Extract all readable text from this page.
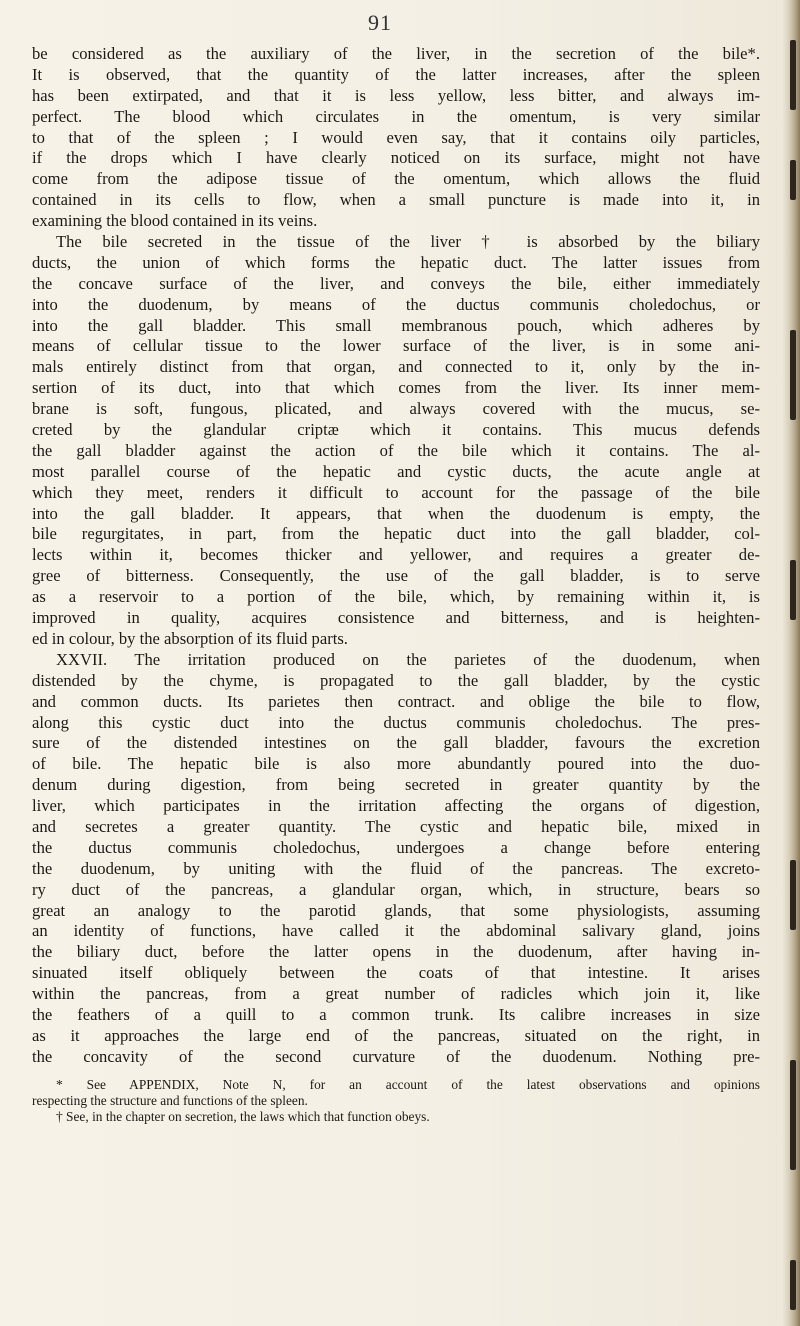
91
be considered as the auxiliary of the liver, in the secretion of the bile*.
It is observed, that the quantity of the latter increases, after the spleen
has been extirpated, and that it is less yellow, less bitter, and always im-
perfect. The blood which circulates in the omentum, is very similar
to that of the spleen ; I would even say, that it contains oily particles,
if the drops which I have clearly noticed on its surface, might not have
come from the adipose tissue of the omentum, which allows the fluid
contained in its cells to flow, when a small puncture is made into it, in
examining the blood contained in its veins.
The bile secreted in the tissue of the liver † is absorbed by the biliary
ducts, the union of which forms the hepatic duct. The latter issues from
the concave surface of the liver, and conveys the bile, either immediately
into the duodenum, by means of the ductus communis choledochus, or
into the gall bladder. This small membranous pouch, which adheres by
means of cellular tissue to the lower surface of the liver, is in some ani-
mals entirely distinct from that organ, and connected to it, only by the in-
sertion of its duct, into that which comes from the liver. Its inner mem-
brane is soft, fungous, plicated, and always covered with the mucus, se-
creted by the glandular criptæ which it contains. This mucus defends
the gall bladder against the action of the bile which it contains. The al-
most parallel course of the hepatic and cystic ducts, the acute angle at
which they meet, renders it difficult to account for the passage of the bile
into the gall bladder. It appears, that when the duodenum is empty, the
bile regurgitates, in part, from the hepatic duct into the gall bladder, col-
lects within it, becomes thicker and yellower, and requires a greater de-
gree of bitterness. Consequently, the use of the gall bladder, is to serve
as a reservoir to a portion of the bile, which, by remaining within it, is
improved in quality, acquires consistence and bitterness, and is heighten-
ed in colour, by the absorption of its fluid parts.
XXVII. The irritation produced on the parietes of the duodenum, when
distended by the chyme, is propagated to the gall bladder, by the cystic
and common ducts. Its parietes then contract. and oblige the bile to flow,
along this cystic duct into the ductus communis choledochus. The pres-
sure of the distended intestines on the gall bladder, favours the excretion
of bile. The hepatic bile is also more abundantly poured into the duo-
denum during digestion, from being secreted in greater quantity by the
liver, which participates in the irritation affecting the organs of digestion,
and secretes a greater quantity. The cystic and hepatic bile, mixed in
the ductus communis choledochus, undergoes a change before entering
the duodenum, by uniting with the fluid of the pancreas. The excreto-
ry duct of the pancreas, a glandular organ, which, in structure, bears so
great an analogy to the parotid glands, that some physiologists, assuming
an identity of functions, have called it the abdominal salivary gland, joins
the biliary duct, before the latter opens in the duodenum, after having in-
sinuated itself obliquely between the coats of that intestine. It arises
within the pancreas, from a great number of radicles which join it, like
the feathers of a quill to a common trunk. Its calibre increases in size
as it approaches the large end of the pancreas, situated on the right, in
the concavity of the second curvature of the duodenum. Nothing pre-
* See APPENDIX, Note N, for an account of the latest observations and opinions
respecting the structure and functions of the spleen.
† See, in the chapter on secretion, the laws which that function obeys.
